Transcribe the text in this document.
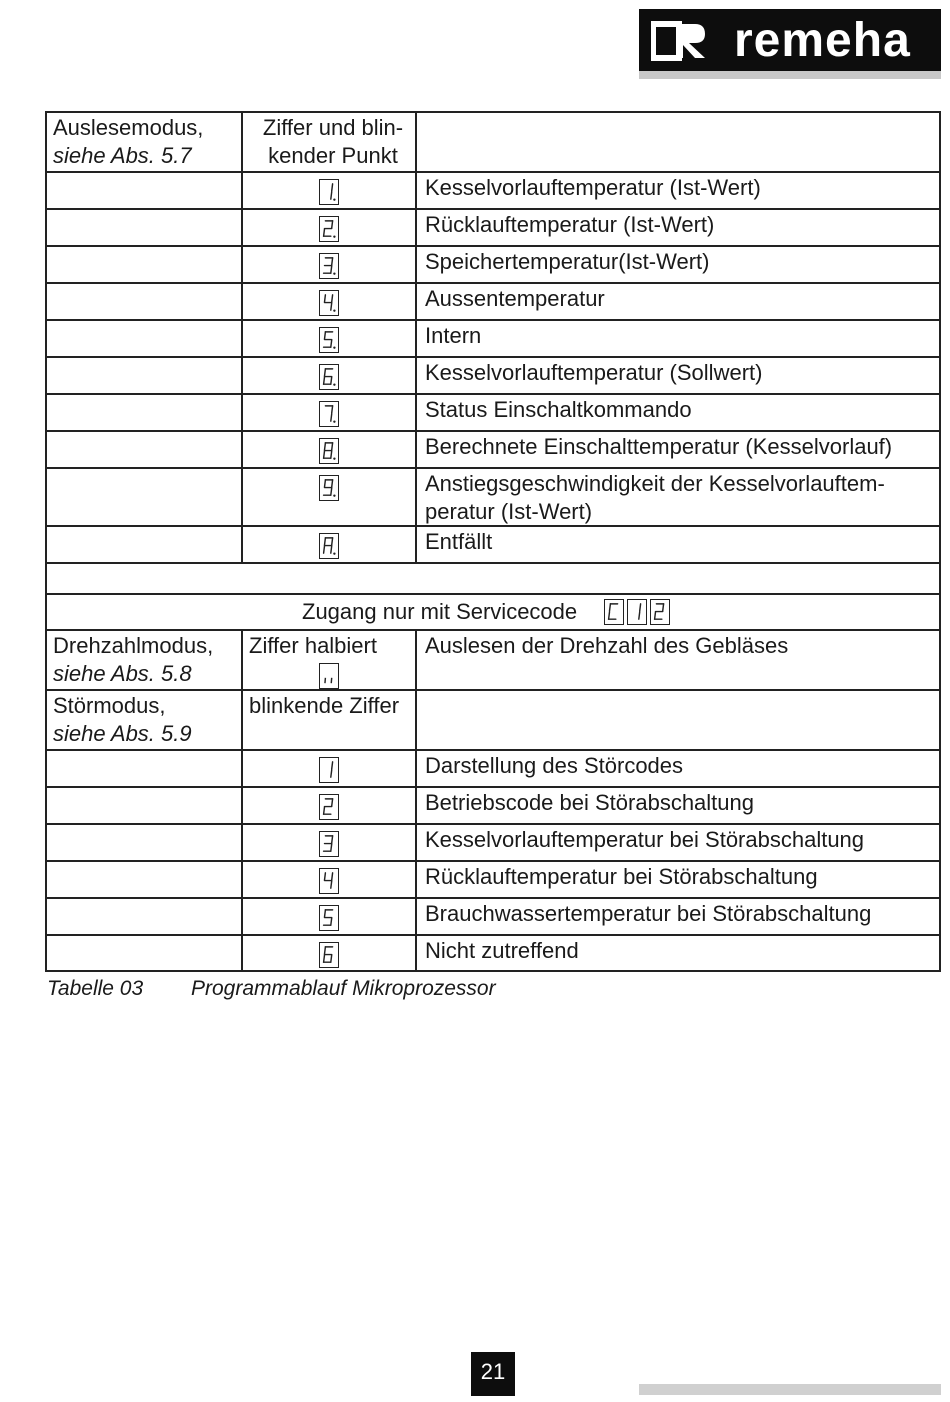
remeha
Auslesemodus,
siehe Abs. 5.7
Ziffer und blin-
kender Punkt
Kesselvorlauftemperatur (Ist-Wert)
Rücklauftemperatur (Ist-Wert)
Speichertemperatur(Ist-Wert)
Aussentemperatur
Intern
Kesselvorlauftemperatur (Sollwert)
Status Einschaltkommando
Berechnete Einschalttemperatur (Kesselvorlauf)
Anstiegsgeschwindigkeit der Kesselvorlauftem-
peratur (Ist-Wert)
Entfällt
Zugang nur mit Servicecode
Drehzahlmodus,
siehe Abs. 5.8
Ziffer halbiert	Auslesen der Drehzahl des Gebläses
Störmodus,
siehe Abs. 5.9
blinkende Ziffer
Darstellung des Störcodes
Betriebscode bei Störabschaltung
Kesselvorlauftemperatur bei Störabschaltung
Rücklauftemperatur bei Störabschaltung
Brauchwassertemperatur bei Störabschaltung
Nicht zutreffend
Tabelle 03 Programmablauf Mikroprozessor
21
